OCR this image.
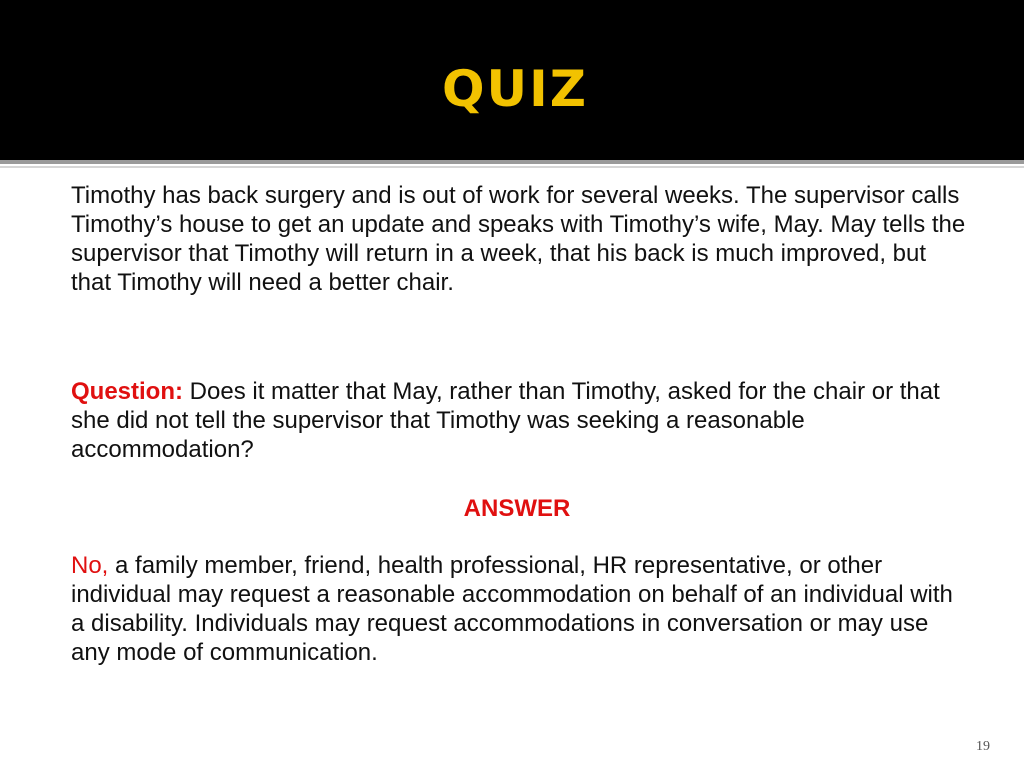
QUIZ
Timothy has back surgery and is out of work for several weeks. The supervisor calls Timothy’s house to get an update and speaks with Timothy’s wife, May. May tells the supervisor that Timothy will return in a week, that his back is much improved, but that Timothy will need a better chair.
Question: Does it matter that May, rather than Timothy, asked for the chair or that she did not tell the supervisor that Timothy was seeking a reasonable accommodation?
ANSWER
No, a family member, friend, health professional, HR representative, or other individual may request a reasonable accommodation on behalf of an individual with a disability. Individuals may request accommodations in conversation or may use any mode of communication.
19
